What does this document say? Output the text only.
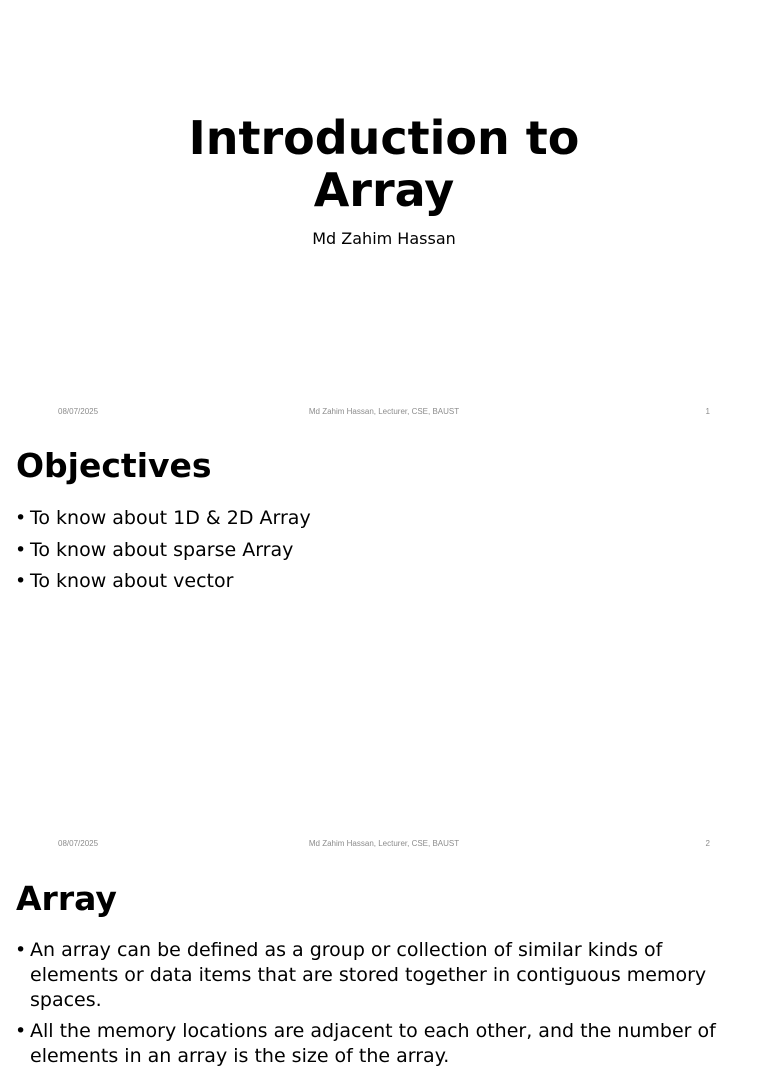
Introduction to
Array
Md Zahim Hassan
08/07/2025	Md Zahim Hassan, Lecturer, CSE, BAUST	1
Objectives
• To know about 1D & 2D Array
• To know about sparse Array
• To know about vector
08/07/2025	Md Zahim Hassan, Lecturer, CSE, BAUST	2
Array
• An array can be defined as a group or collection of similar kinds of elements or data items that are stored together in contiguous memory spaces.
• All the memory locations are adjacent to each other, and the number of elements in an array is the size of the array.
